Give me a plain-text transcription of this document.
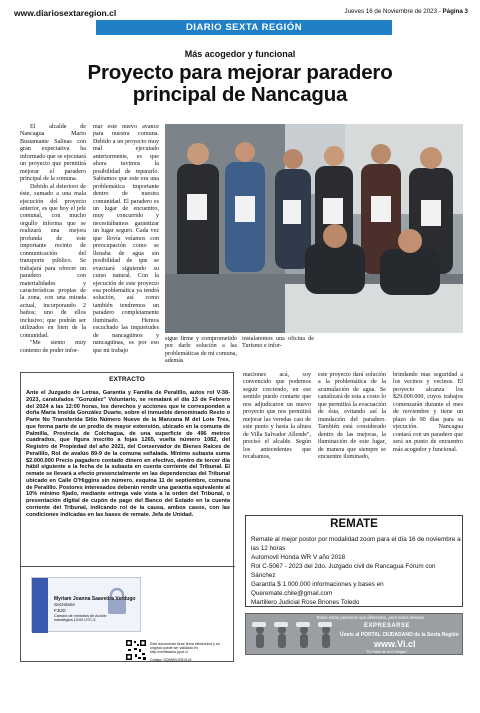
www.diariosextaregion.cl	Jueves 16 de Noviembre de 2023 - Página 3
DIARIO SEXTA REGIÓN
Más acogedor y funcional
Proyecto para mejorar paradero
principal de Nancagua

El alcalde de Nancagua Mario Bustamante Salinas con gran expectativa ha informado que se ejecutará un proyecto que permitirá mejorar el paradero principal de la comuna.

Debido al deterioro de éste, sumado a una mala ejecución del proyecto anterior, es que hoy el jefe comunal, con mucho orgullo informa que se realizará una mejora profunda de este importante recinto de conmunicación del transporte público. Se trabajará para ofrecer un paradero con materialidades y características propias de la zona, con una mirada actual, incorporando 2 baños; uno de ellos inclusivo; que podrán ser utilizados en bien de la comunidad.

"Me siento muy contento de poder infor-

mar este nuevo avance para nuestra comuna. Debido a un proyecto muy mal ejecutado anteriormente, es que ahora tuvimos la posibilidad de repararlo. Sabiamos que este era una problemática importante dentro de nuestra comunidad. El paradero es un lugar de encuentro, muy concurrido y necesitábamos garantizar un lugar seguro. Cada vez que llovía veíamos con preocupación como se llenaba de agua sin posibilidad de que se evacuará siguiendo su curso natural. Con la ejecución de este proyecto esa problemática ya tendrá solución, así como también tendremos un paradero completamente iluminado. Hemos escuchado las inquietudes de nancagüinos y nancagüinas, es por eso que mi trabajo

sigue firme y comprometido por darle solución a las problemáticas de mi comuna, además

instalaremos una oficina de Turismo e infor-

maciones acá, soy convencido que podemos seguir creciendo, en ese sentido puedo contarte que nos adjudicaron un nuevo proyecto que nos permitirá mejorar las veredas casi de este punto y hasta la altura de Villa Salvador Allende", precisó el alcalde. Según los antecedentes que recabamos,

este proyecto dará solución a la problemática de la acumulación de agua. Se canalizará de esta a costo lo que permitirá la evacuación de ésta, evitando así la inundación del paradero. También está considerado dentro de las mejoras, la iluminación de este lugar, de manera que siempre se encuentre iluminado,

brindando mas seguridad a los vecinos y vecinos. El proyecto alcanza los $29.000.000, cuyos trabajos comenzarán durante el mes de noviembre y tiene un plazo de 90 días para su ejecución. Nancagua contará con un paradero que será un punto de encuentro más acogedor y funcional.

EXTRACTO
Ante el Juzgado de Letras, Garantía y Familia de Peralillo, autos rol V-38-2023, caratulados "González" Voluntario, se rematará el día 13 de Febrero del 2024 a las 12:00 horas, los derechos y acciones que le corresponden a doña María Imelda González Duarte, sobre el inmueble denominado Resto o Parte No Transferida Sitio Número Nueve de la Manzana M del Lote Tres, que forma parte de un predio de mayor extensión, ubicado en la comuna de Palmilla, Provincia de Colchagua, de una superficie de 496 metros cuadrados, que figura inscrito a fojas 1265, vuelta número 1082, del Registro de Propiedad del año 2021, del Conservador de Bienes Raíces de Peralillo, Rol de avalúo 89-9 de la comuna señalada. Mínimo subasta suma $2.000.000 Precio pagadero contado dinero en efectivo, dentro de tercer día hábil siguiente a la fecha de la subasta en cuenta corriente del Tribunal. El remate se llevará a efecto presencialmente en las dependencias del Tribunal ubicado en Calle O'Higgins sin número, esquina 11 de septiembre, comuna de Peralillo. Postores interesados deberán rendir una garantía equivalente al 10% mínimo fijado, mediante entrega vale vista a la orden del Tribunal, o presentación digital de cupón de pago del Banco del Estado en la cuenta corriente del Tribunal, indicando rol de la causa, ambos casos, con las condiciones indicadas en las bases de remate. Jefa de Unidad.
Myriam Joanna Saavedra Verdugo
Secretario
FJUD
Cámara de ministros de Acción estratégica 13:00 UTC-3
Este documento tiene firma electrónica y su original puede ser validado en http://verificadoc.pjud.cl
Código: SQMWVJSEXLM
REMATE
Remate al mejor postor por modalidad zoom para el día 16 de noviembre a las 12 horas
Automovil Honda WR V año 2018
Rol C-5067 - 2023 del 2do. Juzgado civil de Rancagua Fórum con Sánchez
Garantía $ 1.000.000 informaciones y bases en
Queremate.chile@gmail.com
Martillero Judicial Rose Briones Toledo
Todos estas personas son diferentes, pero todos desean
EXPRESARSE
Únete al PORTAL CIUDADANO de la Sexta Región
www.Vi.cl
"El Portal de la VI Región"
